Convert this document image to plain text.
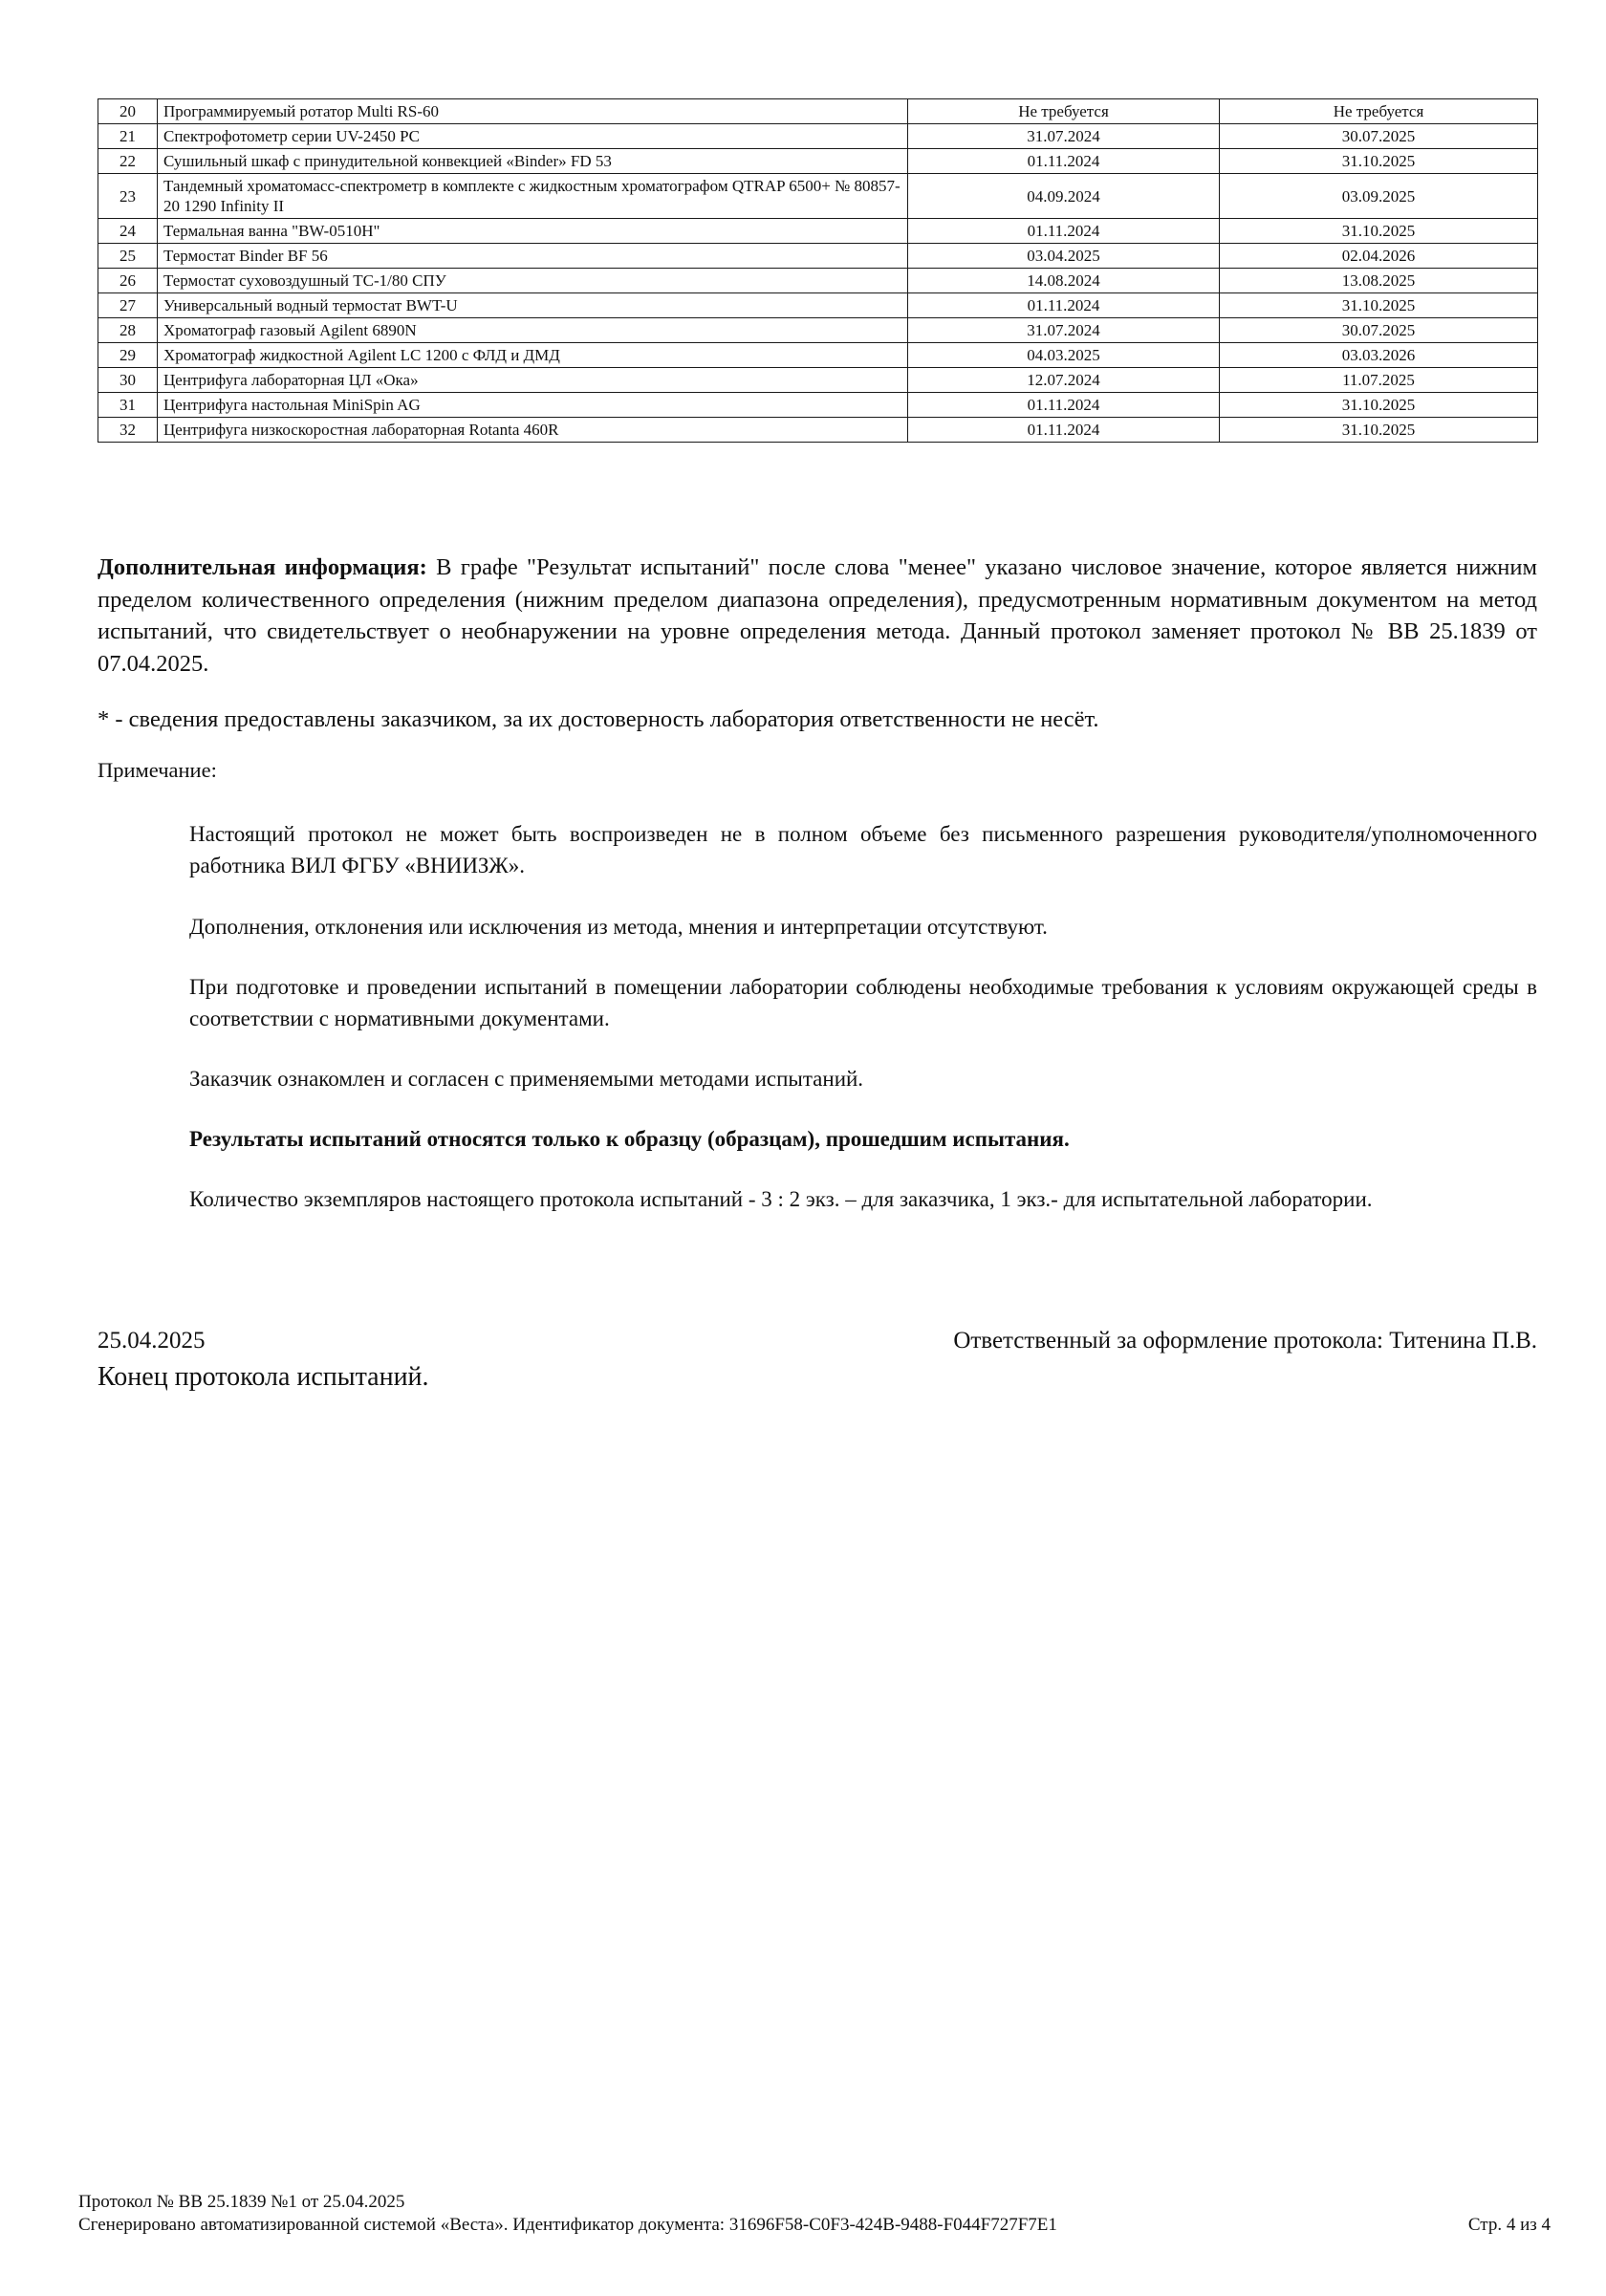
20	Программируемый ротатор Multi RS-60	Не требуется	Не требуется
21	Спектрофотометр серии UV-2450 PC	31.07.2024	30.07.2025
22	Сушильный шкаф с принудительной конвекцией «Binder» FD 53	01.11.2024	31.10.2025
23	Тандемный хроматомасс-спектрометр в комплекте с жидкостным хроматографом QTRAP 6500+ № 80857-20 1290 Infinity II	04.09.2024	03.09.2025
24	Термальная ванна "BW-0510H"	01.11.2024	31.10.2025
25	Термостат Binder BF 56	03.04.2025	02.04.2026
26	Термостат суховоздушный ТС-1/80 СПУ	14.08.2024	13.08.2025
27	Универсальный водный термостат BWT-U	01.11.2024	31.10.2025
28	Хроматограф газовый Agilent 6890N	31.07.2024	30.07.2025
29	Хроматограф жидкостной Agilent LC 1200 с ФЛД и ДМД	04.03.2025	03.03.2026
30	Центрифуга лабораторная ЦЛ «Ока»	12.07.2024	11.07.2025
31	Центрифуга настольная MiniSpin AG	01.11.2024	31.10.2025
32	Центрифуга низкоскоростная лабораторная Rotanta 460R	01.11.2024	31.10.2025
Дополнительная информация: В графе "Результат испытаний" после слова "менее" указано числовое значение, которое является нижним пределом количественного определения (нижним пределом диапазона определения), предусмотренным нормативным документом на метод испытаний, что свидетельствует о необнаружении на уровне определения метода. Данный протокол заменяет протокол № ВВ 25.1839 от 07.04.2025.
* - сведения предоставлены заказчиком, за их достоверность лаборатория ответственности не несёт.
Примечание:
Настоящий протокол не может быть воспроизведен не в полном объеме без письменного разрешения руководителя/уполномоченного работника ВИЛ ФГБУ «ВНИИЗЖ».
Дополнения, отклонения или исключения из метода, мнения и интерпретации отсутствуют.
При подготовке и проведении испытаний в помещении лаборатории соблюдены необходимые требования к условиям окружающей среды в соответствии с нормативными документами.
Заказчик ознакомлен и согласен с применяемыми методами испытаний.
Результаты испытаний относятся только к образцу (образцам), прошедшим испытания.
Количество экземпляров настоящего протокола испытаний - 3 : 2 экз. – для заказчика, 1 экз.- для испытательной лаборатории.
25.04.2025	Ответственный за оформление протокола: Титенина П.В.
Конец протокола испытаний.
Протокол № ВВ 25.1839 №1 от 25.04.2025
Сгенерировано автоматизированной системой «Веста». Идентификатор документа: 31696F58-C0F3-424B-9488-F044F727F7E1	Стр. 4 из 4
